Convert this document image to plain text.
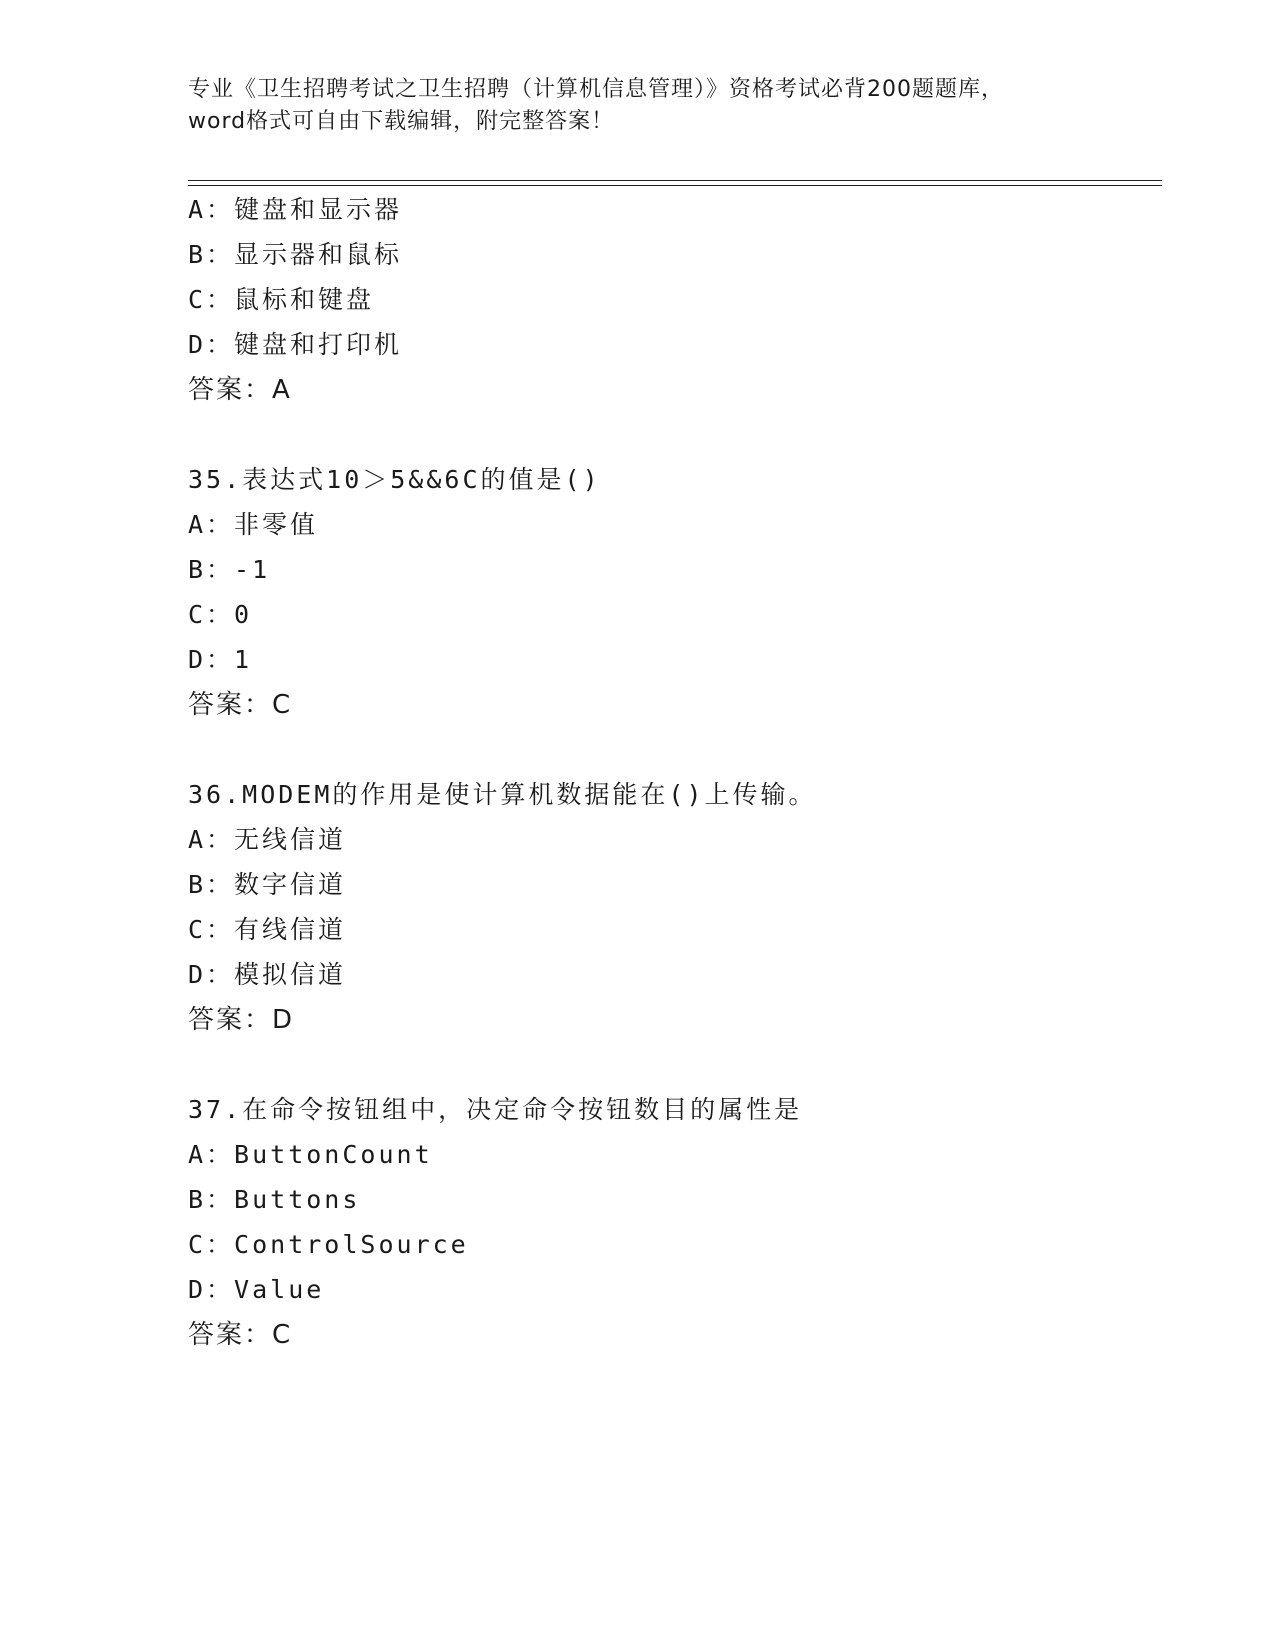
专业《卫生招聘考试之卫生招聘（计算机信息管理）》资格考试必背200题题库，
word格式可自由下载编辑，附完整答案！
A：键盘和显示器
B：显示器和鼠标
C：鼠标和键盘
D：键盘和打印机
答案：A
35.表达式10＞5&&6C的值是()
A：非零值
B：-1
C：0
D：1
答案：C
36.MODEM的作用是使计算机数据能在()上传输。
A：无线信道
B：数字信道
C：有线信道
D：模拟信道
答案：D
37.在命令按钮组中，决定命令按钮数目的属性是
A：ButtonCount
B：Buttons
C：ControlSource
D：Value
答案：C
